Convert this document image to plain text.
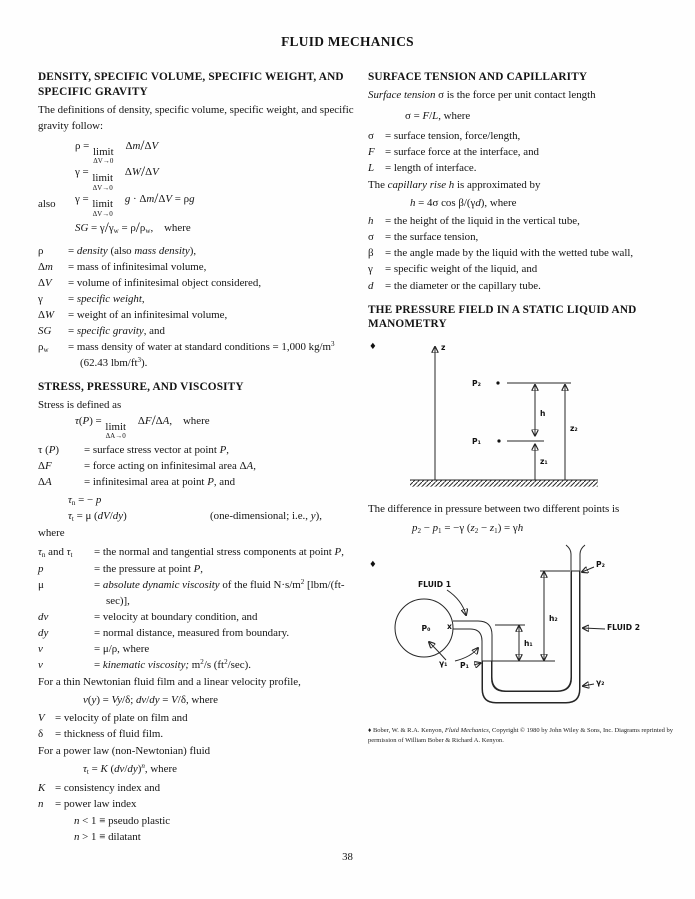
FLUID MECHANICS
DENSITY, SPECIFIC VOLUME, SPECIFIC WEIGHT, AND SPECIFIC GRAVITY

The definitions of density, specific volume, specific weight, and specific gravity follow:

ρ = limit
ΔV→0
 Δm/ΔV
γ = limit
ΔV→0
 ΔW/ΔV
also	γ = limit
ΔV→0
 g · Δm/ΔV = ρg
SG = γ/γw = ρ/ρw, where
ρ	= density (also mass density),
Δm	= mass of infinitesimal volume,
ΔV	= volume of infinitesimal object considered,
γ	= specific weight,
ΔW	= weight of an infinitesimal volume,
SG	= specific gravity, and
ρw	= mass density of water at standard conditions = 1,000 $kg/m^3$ (62.43 lbm/$ft^3$).
STRESS, PRESSURE, AND VISCOSITY

Stress is defined as

τ(P) = limit
ΔA→0
 ΔF/ΔA, where
τ (P)	= surface stress vector at point P,
ΔF	= force acting on infinitesimal area ΔA,
ΔA	= infinitesimal area at point P, and
τn = − p
τt = μ (dV/dy)	(one-dimensional; i.e., y),

where

τn and τt	= the normal and tangential stress components at point P,
p	= the pressure at point P,
μ	= absolute dynamic viscosity of the fluid $N\cdot s/m^2$ [lbm/(ft-sec)],
dv	= velocity at boundary condition, and
dy	= normal distance, measured from boundary.
ν	= μ/ρ, where
ν	= kinematic viscosity; $m^2/s$ $(ft^2/\sec)$.

For a thin Newtonian fluid film and a linear velocity profile,

v(y) = Vy/δ; dv/dy = V/δ, where
V = velocity of plate on film and
δ	= thickness of fluid film.

For a power law (non-Newtonian) fluid

τt = K $(dv/dy)^n$, where
K = consistency index and
n	= power law index
n < 1 ≡ pseudo plastic
n > 1 ≡ dilatant
SURFACE TENSION AND CAPILLARITY

Surface tension σ is the force per unit contact length

σ = F/L, where
σ	= surface tension, force/length,
F = surface force at the interface, and
L	= length of interface.

The capillary rise h is approximated by

h = 4σ cos β/(γd), where
h	= the height of the liquid in the vertical tube,
σ	= the surface tension,
β	= the angle made by the liquid with the wetted tube wall,
γ	= specific weight of the liquid, and
d	= the diameter or the capillary tube.
THE PRESSURE FIELD IN A STATIC LIQUID AND MANOMETRY
♦	z
P₂
h
P₁
z₁
z₂

The difference in pressure between two different points is

p2 − p1 = −γ (z2 − z1) = γh
♦
FLUID 1
P₀ x
h₁
h₂
P₂
FLUID 2
γ₂
γ₁ P₁

♦ Bober, W. & R.A. Kenyon, Fluid Mechanics, Copyright © 1980 by John Wiley & Sons, Inc. Diagrams reprinted by permission of William Bober & Richard A. Kenyon.

38
